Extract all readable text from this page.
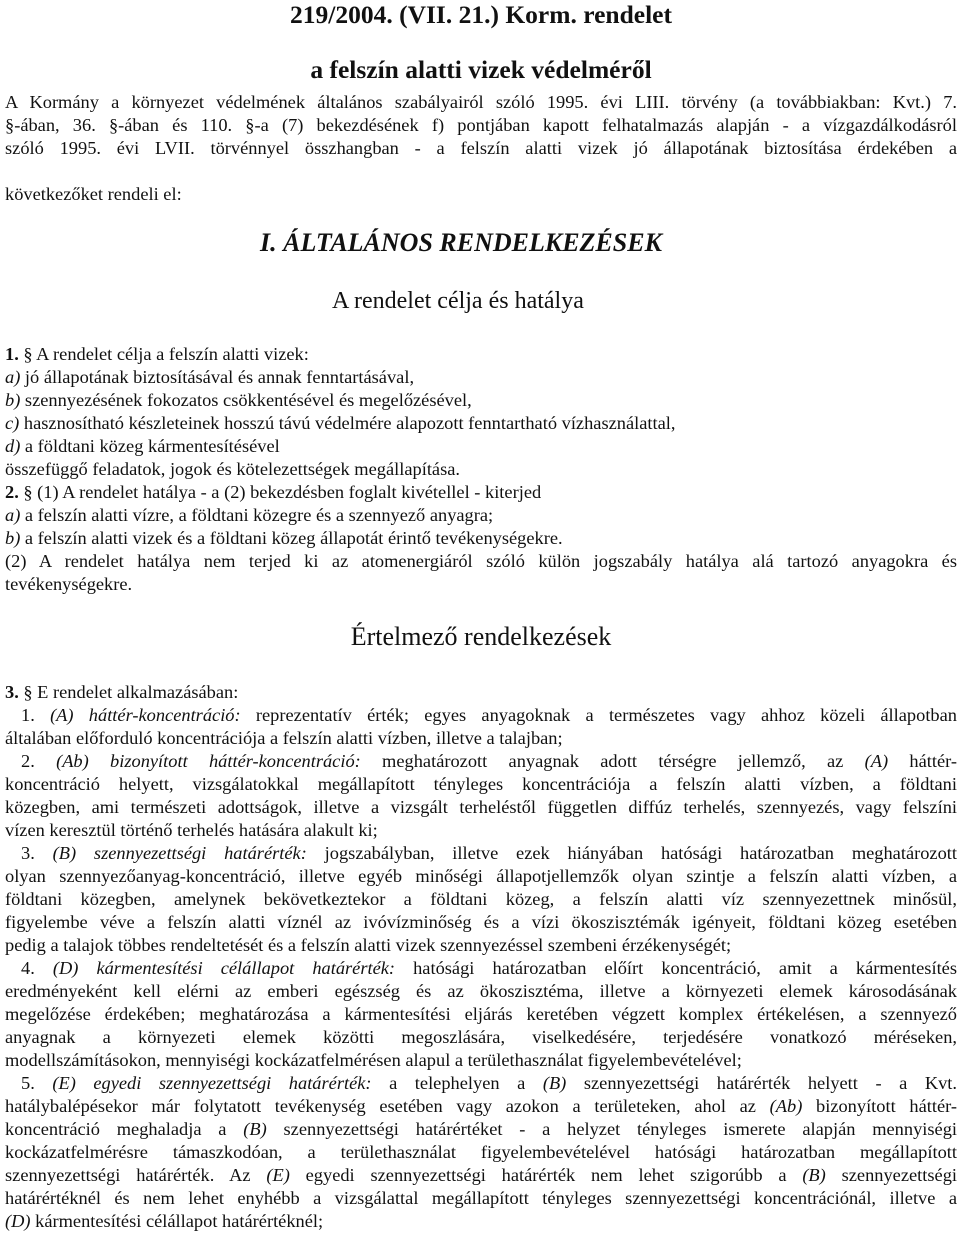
219/2004. (VII. 21.) Korm. rendelet
a felszín alatti vizek védelméről
A Kormány a környezet védelmének általános szabályairól szóló 1995. évi LIII. törvény (a továbbiakban: Kvt.) 7.
§-ában, 36. §-ában és 110. §-a (7) bekezdésének f) pontjában kapott felhatalmazás alapján - a vízgazdálkodásról
szóló 1995. évi LVII. törvénnyel összhangban - a felszín alatti vizek jó állapotának biztosítása érdekében a
következőket rendeli el:
I. ÁLTALÁNOS RENDELKEZÉSEK
A rendelet célja és hatálya
1. § A rendelet célja a felszín alatti vizek:
a) jó állapotának biztosításával és annak fenntartásával,
b) szennyezésének fokozatos csökkentésével és megelőzésével,
c) hasznosítható készleteinek hosszú távú védelmére alapozott fenntartható vízhasználattal,
d) a földtani közeg kármentesítésével
összefüggő feladatok, jogok és kötelezettségek megállapítása.
2. § (1) A rendelet hatálya - a (2) bekezdésben foglalt kivétellel - kiterjed
a) a felszín alatti vízre, a földtani közegre és a szennyező anyagra;
b) a felszín alatti vizek és a földtani közeg állapotát érintő tevékenységekre.
(2) A rendelet hatálya nem terjed ki az atomenergiáról szóló külön jogszabály hatálya alá tartozó anyagokra és
tevékenységekre.
Értelmező rendelkezések
3. § E rendelet alkalmazásában:
1. (A) háttér-koncentráció: reprezentatív érték; egyes anyagoknak a természetes vagy ahhoz közeli állapotban
általában előforduló koncentrációja a felszín alatti vízben, illetve a talajban;
2. (Ab) bizonyított háttér-koncentráció: meghatározott anyagnak adott térségre jellemző, az (A) háttér-
koncentráció helyett, vizsgálatokkal megállapított tényleges koncentrációja a felszín alatti vízben, a földtani
közegben, ami természeti adottságok, illetve a vizsgált terheléstől független diffúz terhelés, szennyezés, vagy felszíni
vízen keresztül történő terhelés hatására alakult ki;
3. (B) szennyezettségi határérték: jogszabályban, illetve ezek hiányában hatósági határozatban meghatározott
olyan szennyezőanyag-koncentráció, illetve egyéb minőségi állapotjellemzők olyan szintje a felszín alatti vízben, a
földtani közegben, amelynek bekövetkeztekor a földtani közeg, a felszín alatti víz szennyezettnek minősül,
figyelembe véve a felszín alatti víznél az ivóvízminőség és a vízi ökoszisztémák igényeit, földtani közeg esetében
pedig a talajok többes rendeltetését és a felszín alatti vizek szennyezéssel szembeni érzékenységét;
4. (D) kármentesítési célállapot határérték: hatósági határozatban előírt koncentráció, amit a kármentesítés
eredményeként kell elérni az emberi egészség és az ökoszisztéma, illetve a környezeti elemek károsodásának
megelőzése érdekében; meghatározása a kármentesítési eljárás keretében végzett komplex értékelésen, a szennyező
anyagnak a környezeti elemek közötti megoszlására, viselkedésére, terjedésére vonatkozó méréseken,
modellszámításokon, mennyiségi kockázatfelmérésen alapul a területhasználat figyelembevételével;
5. (E) egyedi szennyezettségi határérték: a telephelyen a (B) szennyezettségi határérték helyett - a Kvt.
hatálybalépésekor már folytatott tevékenység esetében vagy azokon a területeken, ahol az (Ab) bizonyított háttér-
koncentráció meghaladja a (B) szennyezettségi határértéket - a helyzet tényleges ismerete alapján mennyiségi
kockázatfelmérésre támaszkodóan, a területhasználat figyelembevételével hatósági határozatban megállapított
szennyezettségi határérték. Az (E) egyedi szennyezettségi határérték nem lehet szigorúbb a (B) szennyezettségi
határértéknél és nem lehet enyhébb a vizsgálattal megállapított tényleges szennyezettségi koncentrációnál, illetve a
(D) kármentesítési célállapot határértéknél;
